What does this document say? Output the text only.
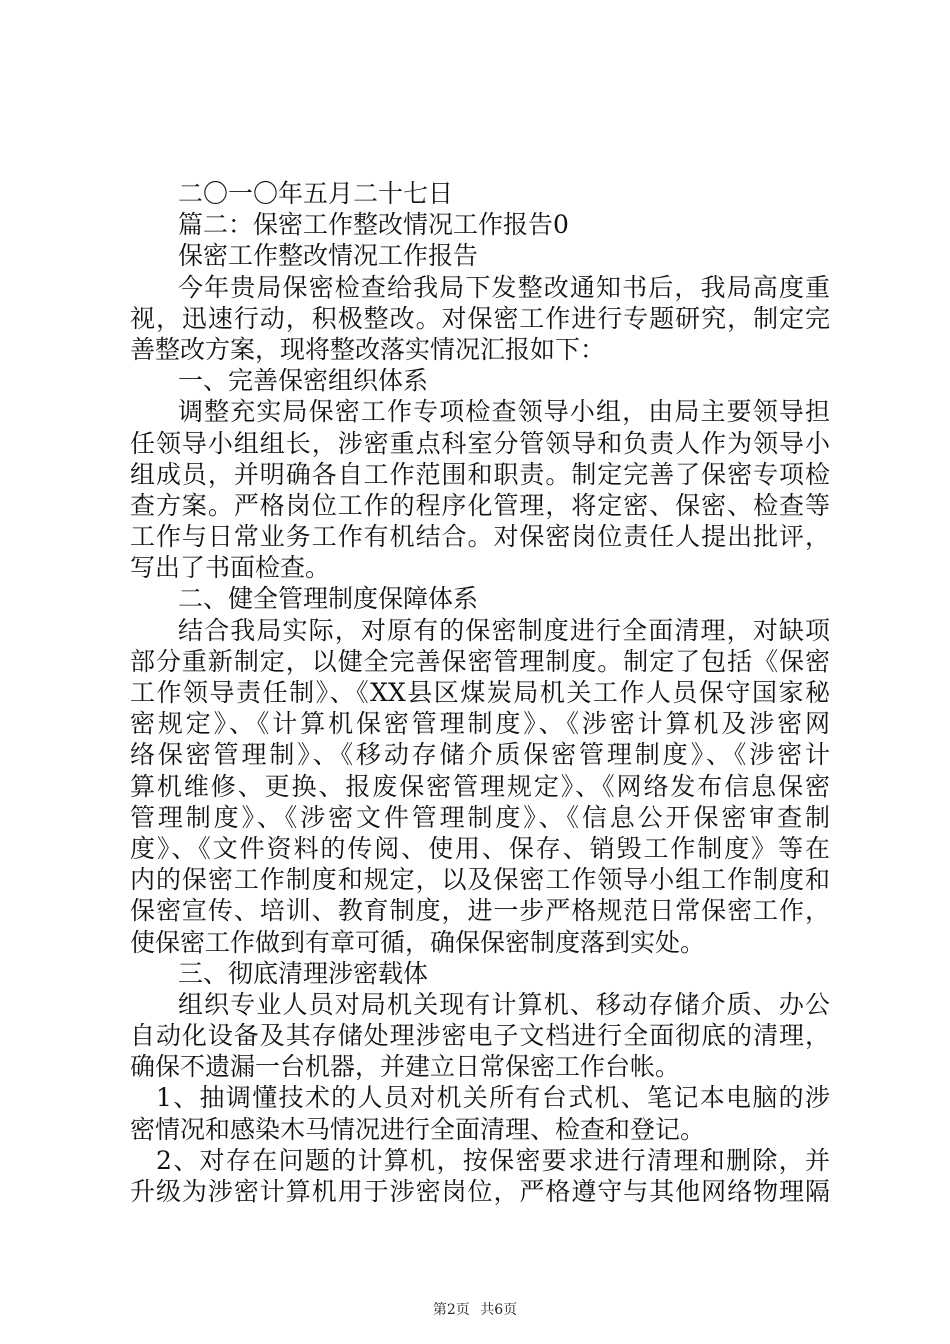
二〇一〇年五月二十七日
篇二：保密工作整改情况工作报告0
保密工作整改情况工作报告
今年贵局保密检查给我局下发整改通知书后，我局高度重
视，迅速行动，积极整改。对保密工作进行专题研究，制定完
善整改方案，现将整改落实情况汇报如下：
一、完善保密组织体系
调整充实局保密工作专项检查领导小组，由局主要领导担
任领导小组组长，涉密重点科室分管领导和负责人作为领导小
组成员，并明确各自工作范围和职责。制定完善了保密专项检
查方案。严格岗位工作的程序化管理，将定密、保密、检查等
工作与日常业务工作有机结合。对保密岗位责任人提出批评，
写出了书面检查。
二、健全管理制度保障体系
结合我局实际，对原有的保密制度进行全面清理，对缺项
部分重新制定，以健全完善保密管理制度。制定了包括《保密
工作领导责任制》、《XX县区煤炭局机关工作人员保守国家秘
密规定》、《计算机保密管理制度》、《涉密计算机及涉密网
络保密管理制》、《移动存储介质保密管理制度》、《涉密计
算机维修、更换、报废保密管理规定》、《网络发布信息保密
管理制度》、《涉密文件管理制度》、《信息公开保密审查制
度》、《文件资料的传阅、使用、保存、销毁工作制度》等在
内的保密工作制度和规定，以及保密工作领导小组工作制度和
保密宣传、培训、教育制度，进一步严格规范日常保密工作，
使保密工作做到有章可循，确保保密制度落到实处。
三、彻底清理涉密载体
组织专业人员对局机关现有计算机、移动存储介质、办公
自动化设备及其存储处理涉密电子文档进行全面彻底的清理，
确保不遗漏一台机器，并建立日常保密工作台帐。
1、抽调懂技术的人员对机关所有台式机、笔记本电脑的涉
密情况和感染木马情况进行全面清理、检查和登记。
2、对存在问题的计算机，按保密要求进行清理和删除，并
升级为涉密计算机用于涉密岗位，严格遵守与其他网络物理隔
第2页 共6页
